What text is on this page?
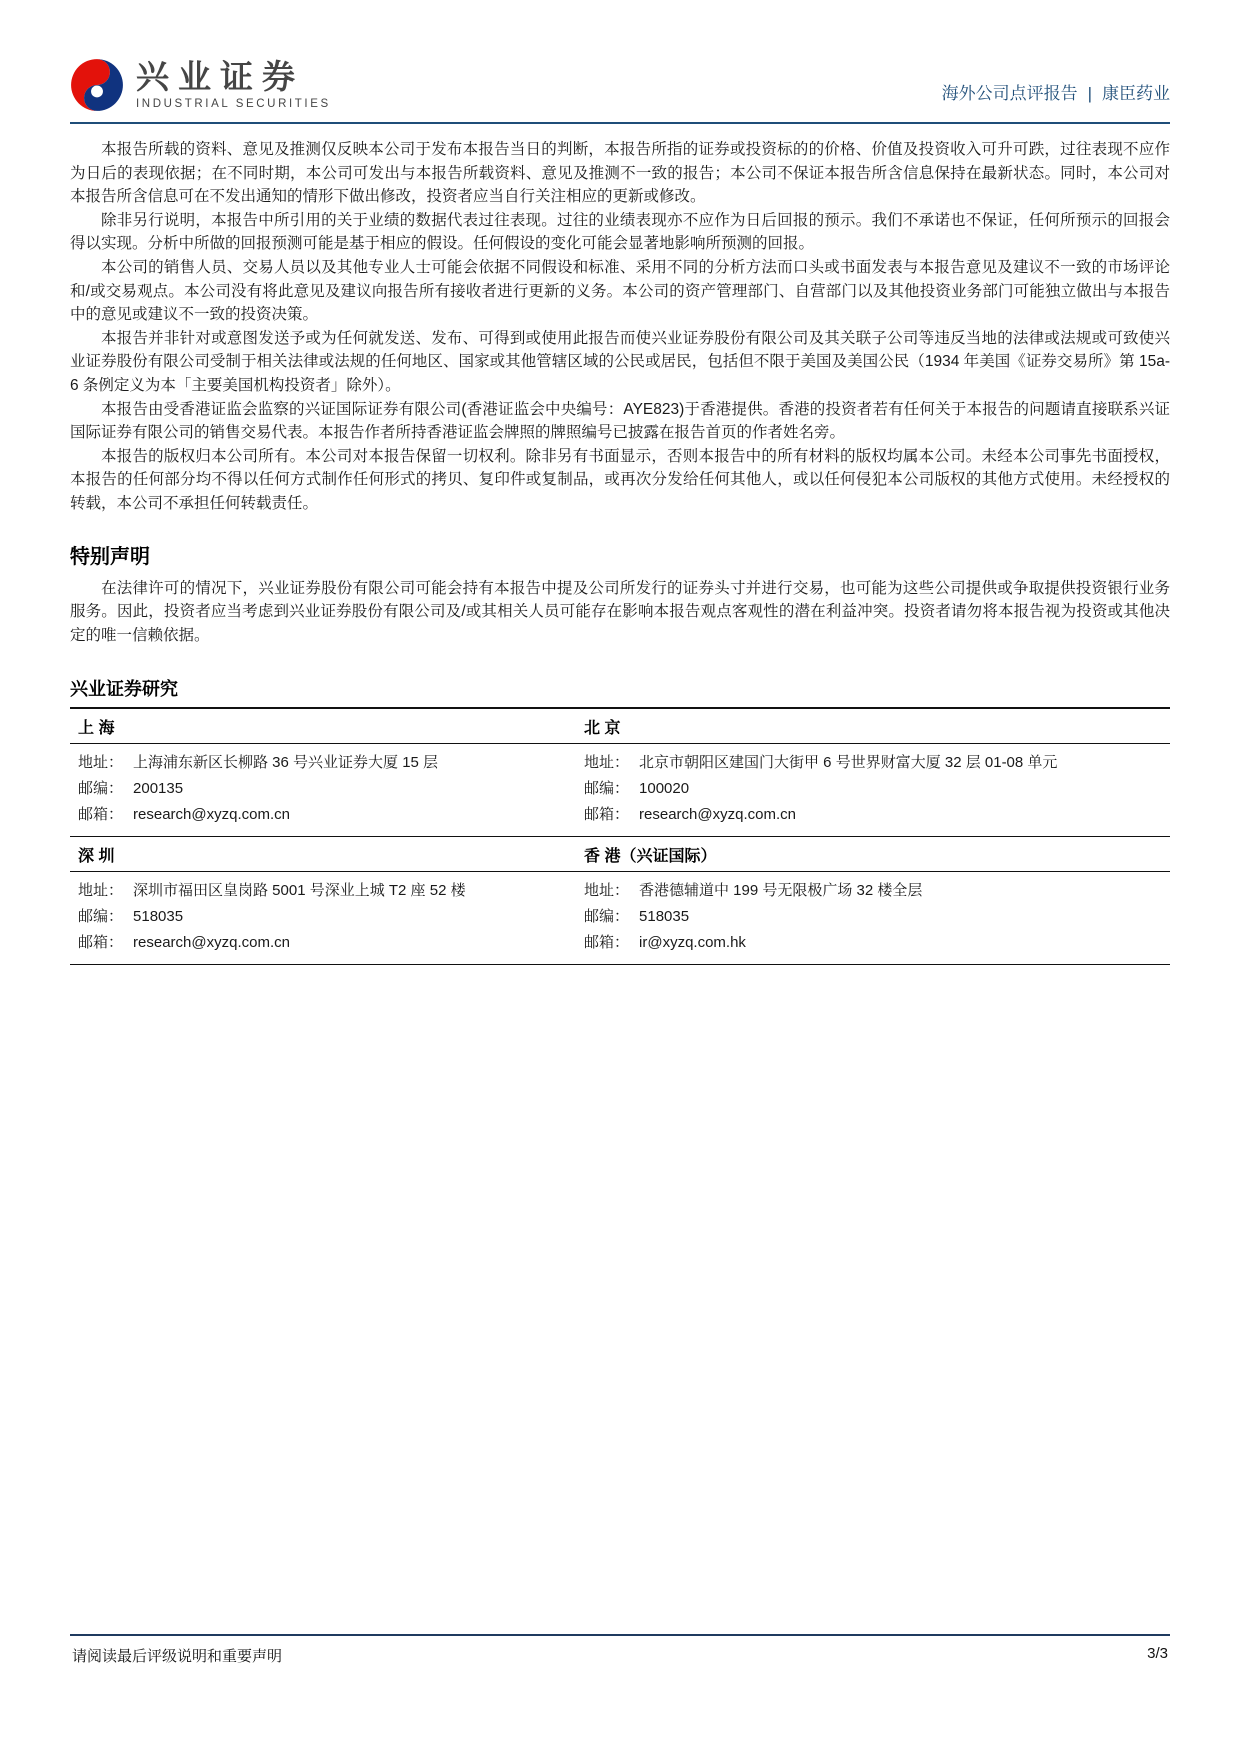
兴业证券
INDUSTRIAL SECURITIES
海外公司点评报告 | 康臣药业

本报告所载的资料、意见及推测仅反映本公司于发布本报告当日的判断，本报告所指的证券或投资标的的价格、价值及投资收入可升可跌，过往表现不应作为日后的表现依据；在不同时期，本公司可发出与本报告所载资料、意见及推测不一致的报告；本公司不保证本报告所含信息保持在最新状态。同时，本公司对本报告所含信息可在不发出通知的情形下做出修改，投资者应当自行关注相应的更新或修改。

除非另行说明，本报告中所引用的关于业绩的数据代表过往表现。过往的业绩表现亦不应作为日后回报的预示。我们不承诺也不保证，任何所预示的回报会得以实现。分析中所做的回报预测可能是基于相应的假设。任何假设的变化可能会显著地影响所预测的回报。

本公司的销售人员、交易人员以及其他专业人士可能会依据不同假设和标准、采用不同的分析方法而口头或书面发表与本报告意见及建议不一致的市场评论和/或交易观点。本公司没有将此意见及建议向报告所有接收者进行更新的义务。本公司的资产管理部门、自营部门以及其他投资业务部门可能独立做出与本报告中的意见或建议不一致的投资决策。

本报告并非针对或意图发送予或为任何就发送、发布、可得到或使用此报告而使兴业证券股份有限公司及其关联子公司等违反当地的法律或法规或可致使兴业证券股份有限公司受制于相关法律或法规的任何地区、国家或其他管辖区域的公民或居民，包括但不限于美国及美国公民（1934 年美国《证券交易所》第 15a-6 条例定义为本「主要美国机构投资者」除外）。

本报告由受香港证监会监察的兴证国际证券有限公司(香港证监会中央编号：AYE823)于香港提供。香港的投资者若有任何关于本报告的问题请直接联系兴证国际证券有限公司的销售交易代表。本报告作者所持香港证监会牌照的牌照编号已披露在报告首页的作者姓名旁。

本报告的版权归本公司所有。本公司对本报告保留一切权利。除非另有书面显示，否则本报告中的所有材料的版权均属本公司。未经本公司事先书面授权，本报告的任何部分均不得以任何方式制作任何形式的拷贝、复印件或复制品，或再次分发给任何其他人，或以任何侵犯本公司版权的其他方式使用。未经授权的转载，本公司不承担任何转载责任。

特别声明

在法律许可的情况下，兴业证券股份有限公司可能会持有本报告中提及公司所发行的证券头寸并进行交易，也可能为这些公司提供或争取提供投资银行业务服务。因此，投资者应当考虑到兴业证券股份有限公司及/或其相关人员可能存在影响本报告观点客观性的潜在利益冲突。投资者请勿将本报告视为投资或其他决定的唯一信赖依据。

兴业证券研究
上 海	北 京
地址： 上海浦东新区长柳路 36 号兴业证券大厦 15 层
邮编： 200135
邮箱： research@xyzq.com.cn
地址： 北京市朝阳区建国门大街甲 6 号世界财富大厦 32 层 01-08 单元
邮编： 100020
邮箱： research@xyzq.com.cn
深 圳	香 港（兴证国际）
地址： 深圳市福田区皇岗路 5001 号深业上城 T2 座 52 楼
邮编： 518035
邮箱： research@xyzq.com.cn
地址： 香港德辅道中 199 号无限极广场 32 楼全层
邮编： 518035
邮箱： ir@xyzq.com.hk
请阅读最后评级说明和重要声明	3/3
